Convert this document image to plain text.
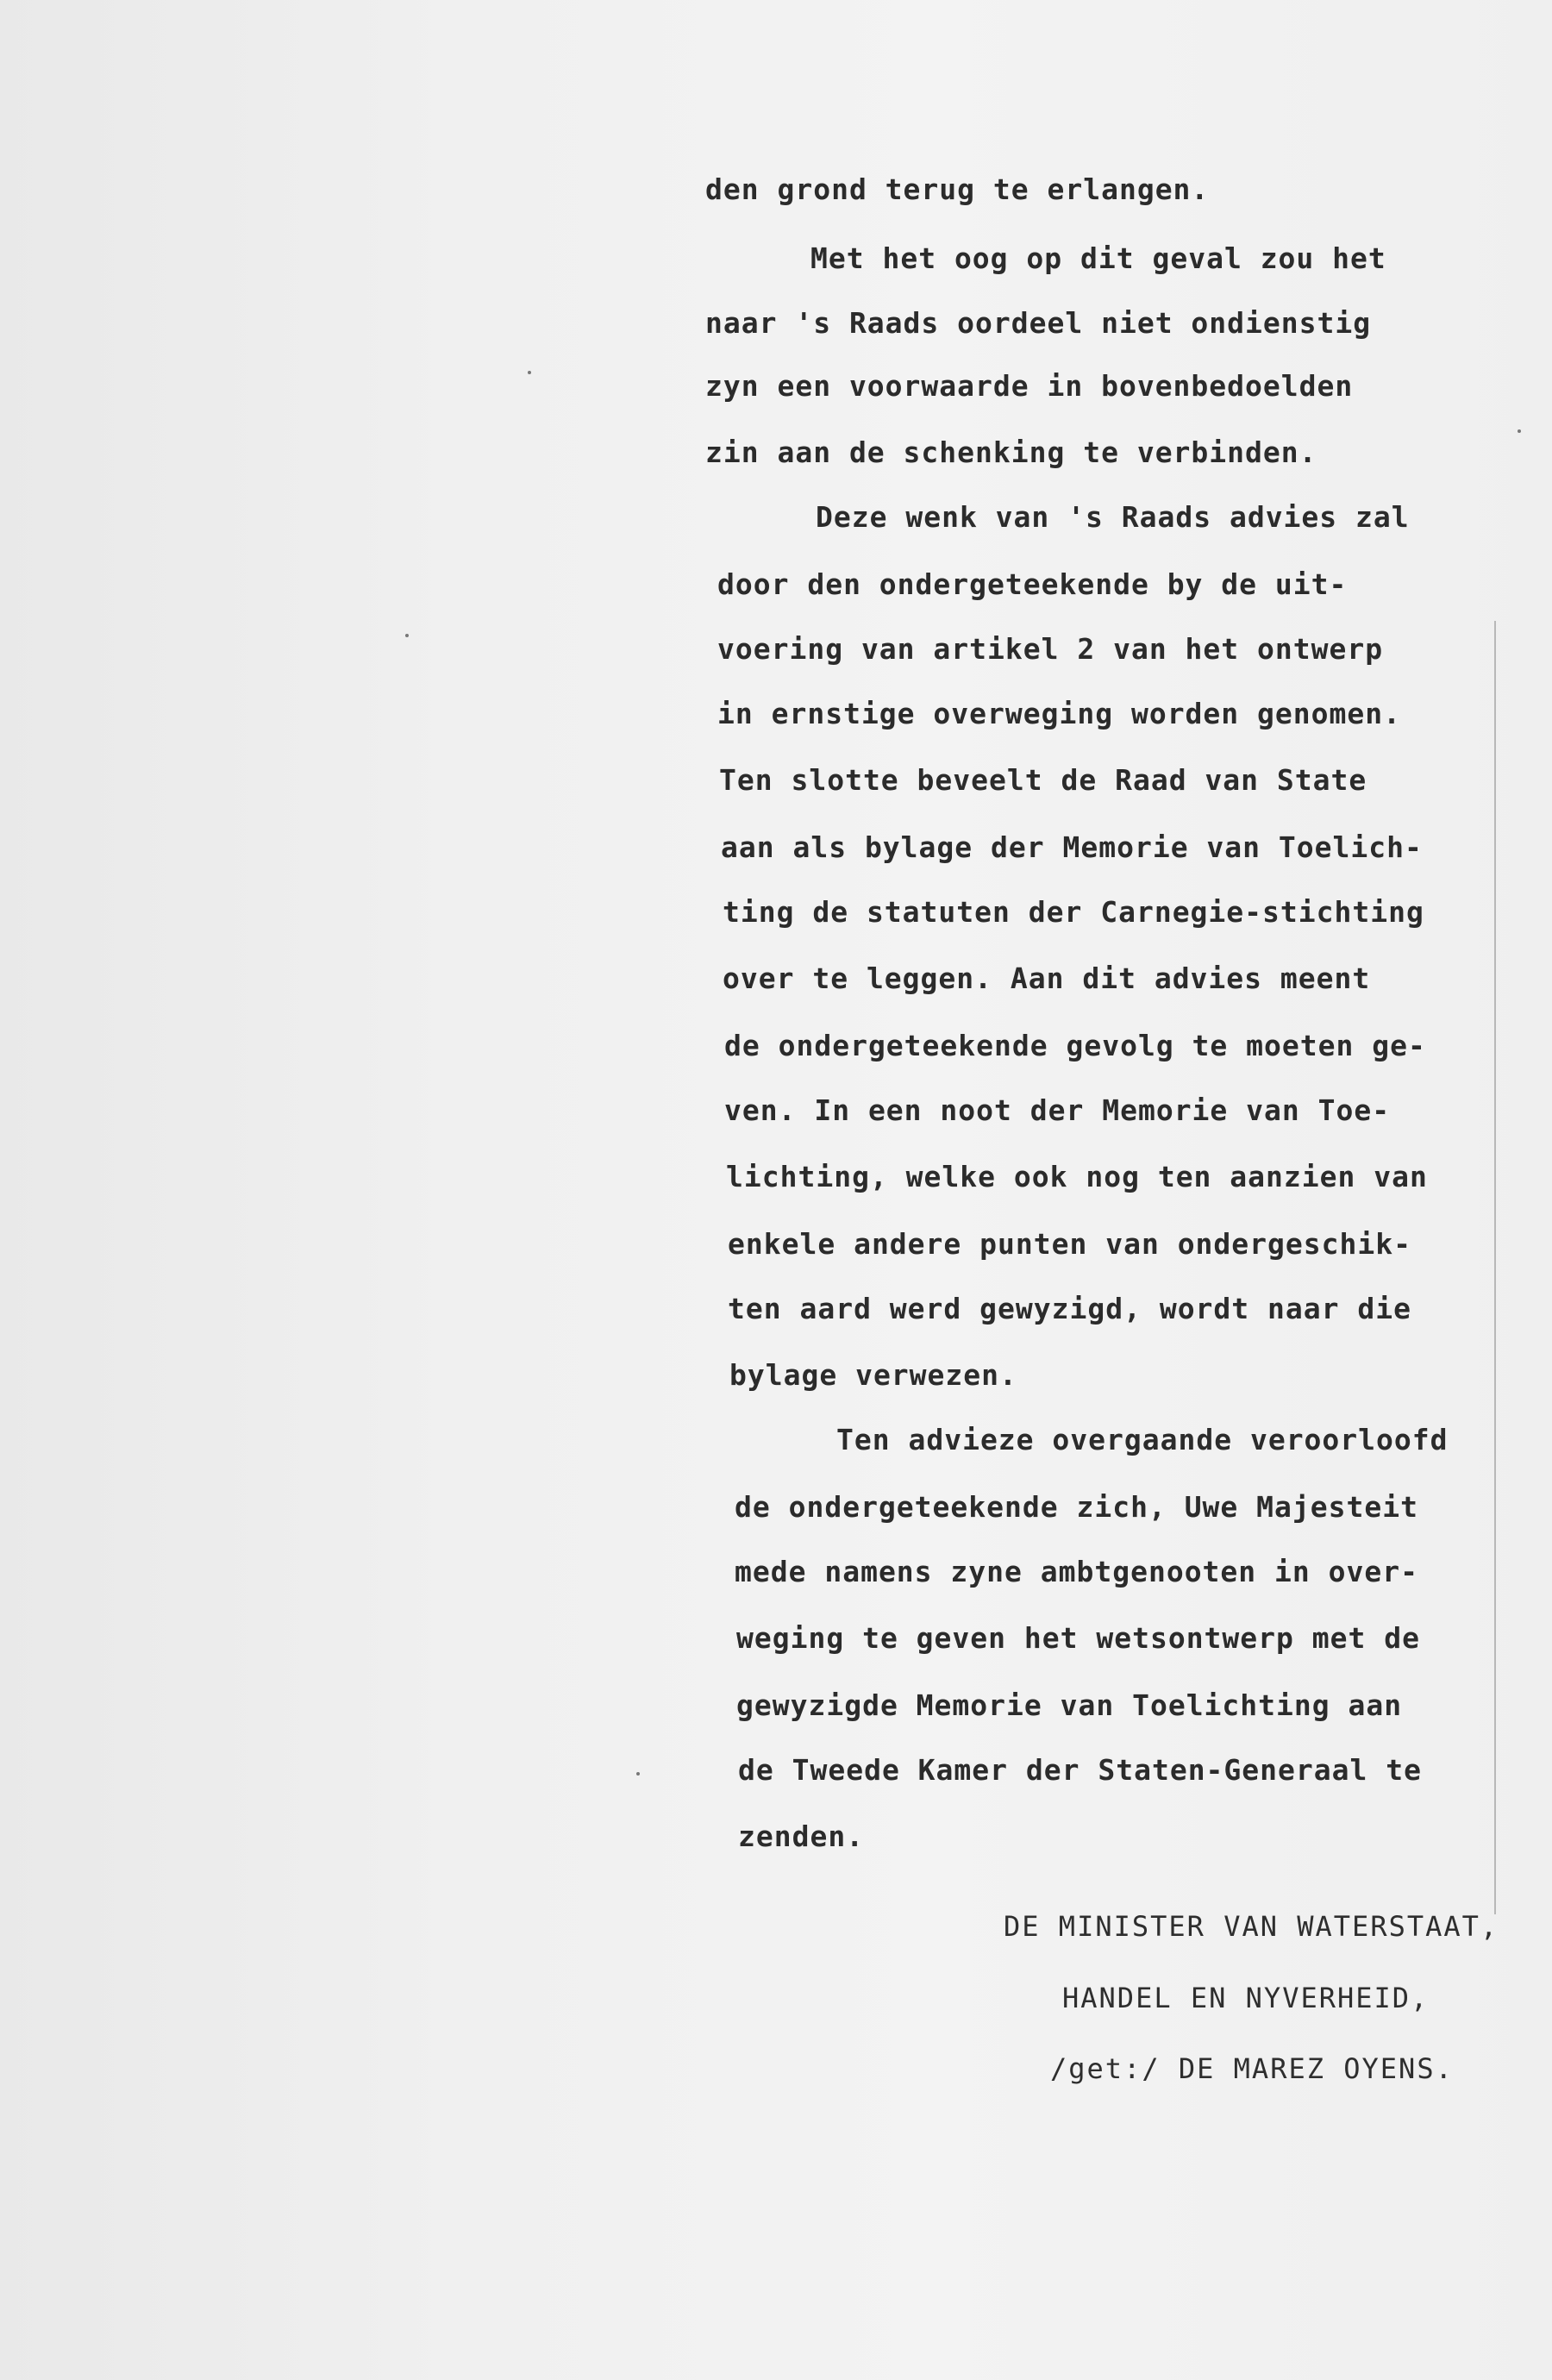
den grond terug te erlangen.
Met het oog op dit geval zou het
naar 's Raads oordeel niet ondienstig
zyn een voorwaarde in bovenbedoelden
zin aan de schenking te verbinden.
Deze wenk van 's Raads advies zal
door den ondergeteekende by de uit-
voering van artikel 2 van het ontwerp
in ernstige overweging worden genomen.
Ten slotte beveelt de Raad van State
aan als bylage der Memorie van Toelich-
ting de statuten der Carnegie-stichting
over te leggen. Aan dit advies meent
de ondergeteekende gevolg te moeten ge-
ven. In een noot der Memorie van Toe-
lichting, welke ook nog ten aanzien van
enkele andere punten van ondergeschik-
ten aard werd gewyzigd, wordt naar die
bylage verwezen.
Ten advieze overgaande veroorloofd
de ondergeteekende zich, Uwe Majesteit
mede namens zyne ambtgenooten in over-
weging te geven het wetsontwerp met de
gewyzigde Memorie van Toelichting aan
de Tweede Kamer der Staten-Generaal te
zenden.
DE MINISTER VAN WATERSTAAT,
HANDEL EN NYVERHEID,
/get:/ DE MAREZ OYENS.
